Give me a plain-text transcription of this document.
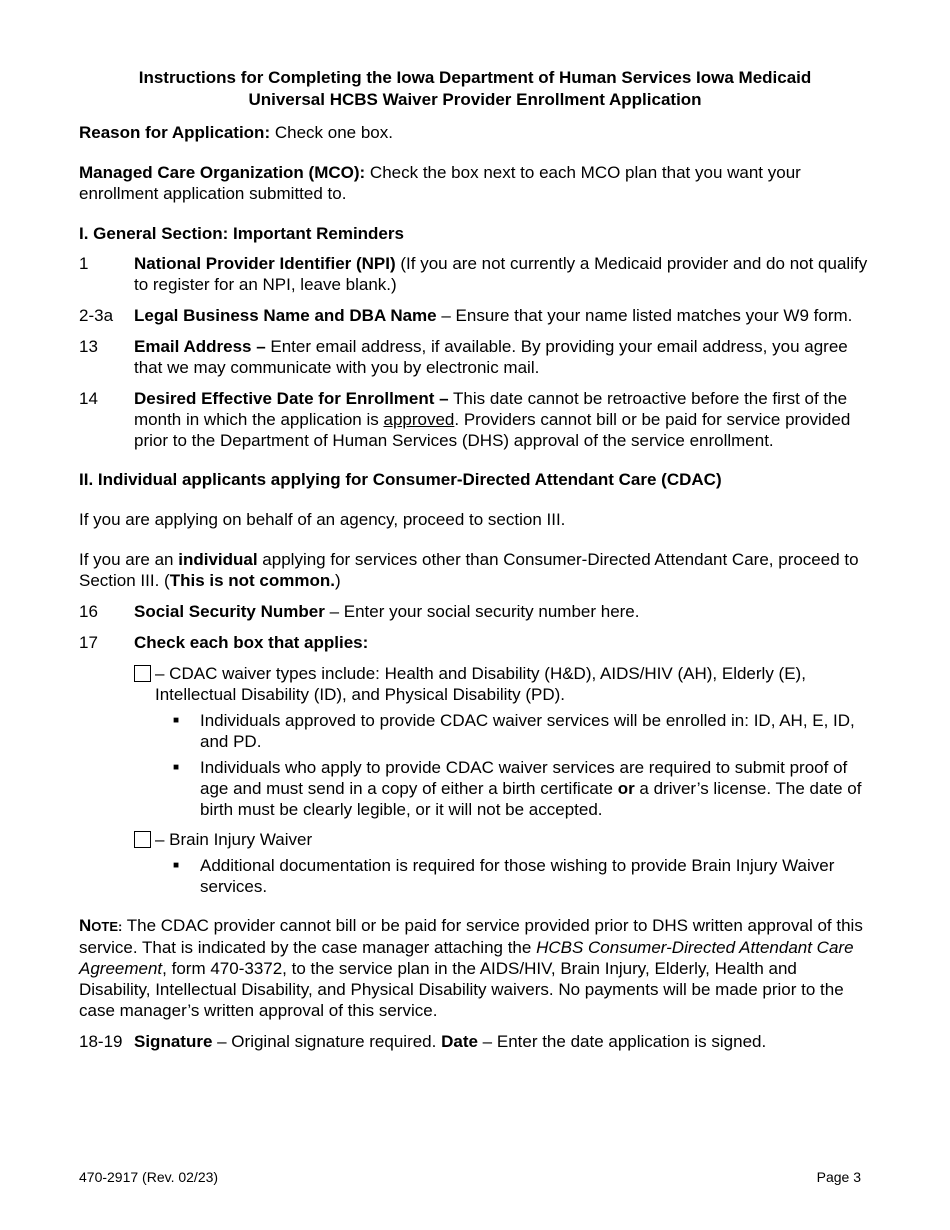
Instructions for Completing the Iowa Department of Human Services Iowa Medicaid
Universal HCBS Waiver Provider Enrollment Application

Reason for Application: Check one box.

Managed Care Organization (MCO): Check the box next to each MCO plan that you want your enrollment application submitted to.

I. General Section: Important Reminders
1	National Provider Identifier (NPI) (If you are not currently a Medicaid provider and do not qualify to register for an NPI, leave blank.)
2-3a	Legal Business Name and DBA Name – Ensure that your name listed matches your W9 form.
13	Email Address – Enter email address, if available. By providing your email address, you agree that we may communicate with you by electronic mail.
14	Desired Effective Date for Enrollment – This date cannot be retroactive before the first of the month in which the application is approved. Providers cannot bill or be paid for service provided prior to the Department of Human Services (DHS) approval of the service enrollment.
II. Individual applicants applying for Consumer-Directed Attendant Care (CDAC)

If you are applying on behalf of an agency, proceed to section III.

If you are an individual applying for services other than Consumer-Directed Attendant Care, proceed to Section III. (This is not common.)

16	Social Security Number – Enter your social security number here.
17	Check each box that applies:
– CDAC waiver types include: Health and Disability (H&D), AIDS/HIV (AH), Elderly (E), Intellectual Disability (ID), and Physical Disability (PD).
■	Individuals approved to provide CDAC waiver services will be enrolled in: ID, AH, E, ID, and PD.
■	Individuals who apply to provide CDAC waiver services are required to submit proof of age and must send in a copy of either a birth certificate or a driver’s license. The date of birth must be clearly legible, or it will not be accepted.
– Brain Injury Waiver
■	Additional documentation is required for those wishing to provide Brain Injury Waiver services.

NOTE: The CDAC provider cannot bill or be paid for service provided prior to DHS written approval of this service. That is indicated by the case manager attaching the HCBS Consumer-Directed Attendant Care Agreement, form 470-3372, to the service plan in the AIDS/HIV, Brain Injury, Elderly, Health and Disability, Intellectual Disability, and Physical Disability waivers. No payments will be made prior to the case manager’s written approval of this service.

18-19 Signature – Original signature required. Date – Enter the date application is signed.
470-2917 (Rev. 02/23)	Page 3
